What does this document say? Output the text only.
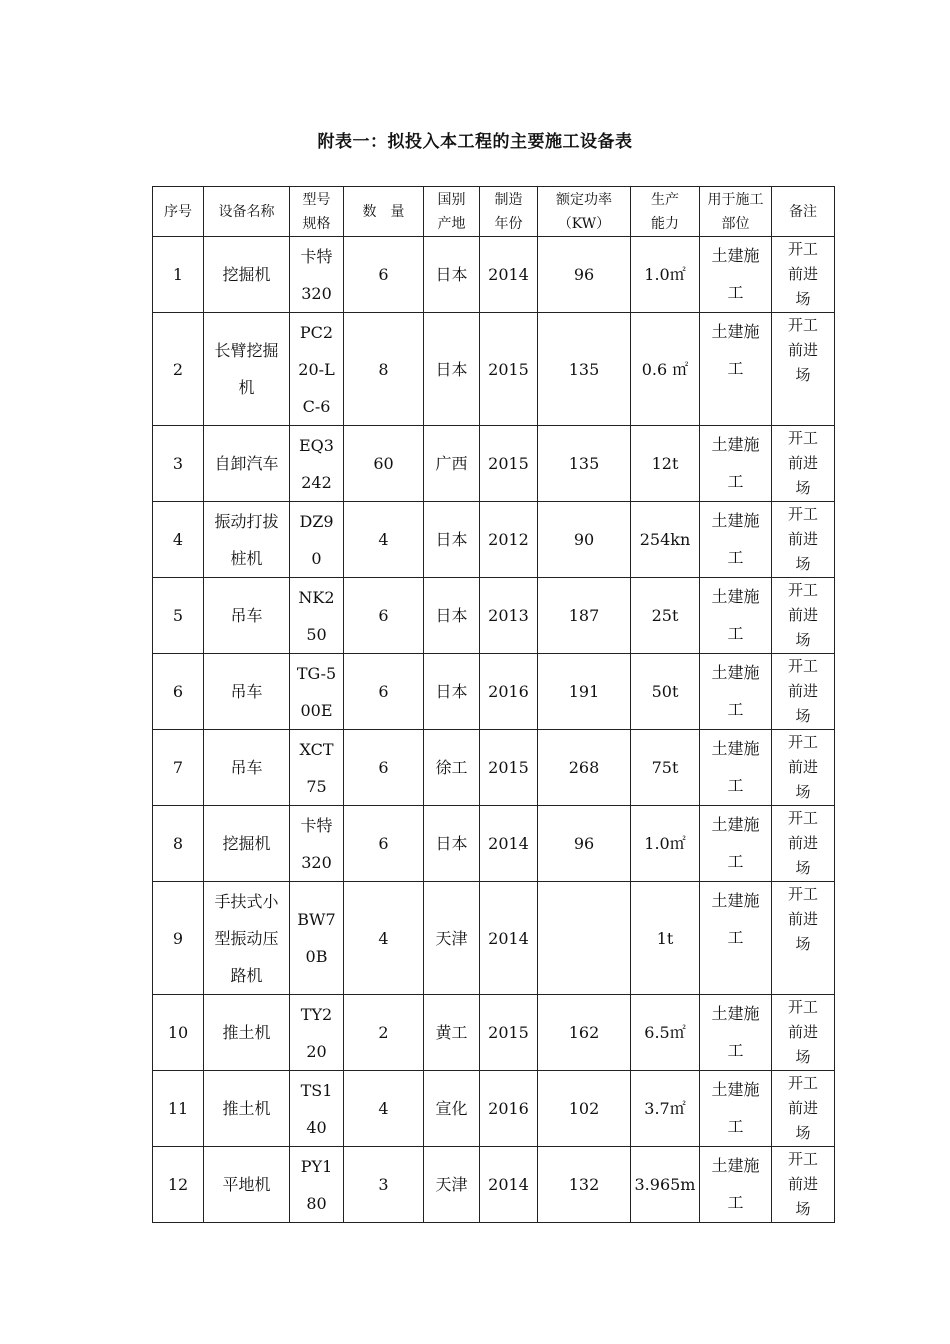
附表一：拟投入本工程的主要施工设备表
序号	设备名称	型号规格	数　量	国别产地	制造年份	额定功率（KW）	生产能力	用于施工部位	备注
1	挖掘机	卡特320	6	日本	2014	96	1.0㎡	土建施工	开工前进场

2	长臂挖掘机	PC220-LC-6	8	日本	2015	135	0.6 ㎡	土建施工	开工前进场

3	自卸汽车	EQ3242	60	广西	2015	135	12t	土建施工	开工前进场

4	振动打拔桩机	DZ90	4	日本	2012	90	254kn	土建施工	开工前进场

5	吊车	NK250	6	日本	2013	187	25t	土建施工	开工前进场

6	吊车	TG-500E	6	日本	2016	191	50t	土建施工	开工前进场

7	吊车	XCT75	6	徐工	2015	268	75t	土建施工	开工前进场

8	挖掘机	卡特320	6	日本	2014	96	1.0㎡	土建施工	开工前进场

9	手扶式小型振动压路机	BW70B	4	天津	2014		1t	土建施工	开工前进场

10	推土机	TY220	2	黄工	2015	162	6.5㎡	土建施工	开工前进场

11	推土机	TS140	4	宣化	2016	102	3.7㎡	土建施工	开工前进场

12	平地机	PY180	3	天津	2014	132	3.965m	土建施工	开工前进场
